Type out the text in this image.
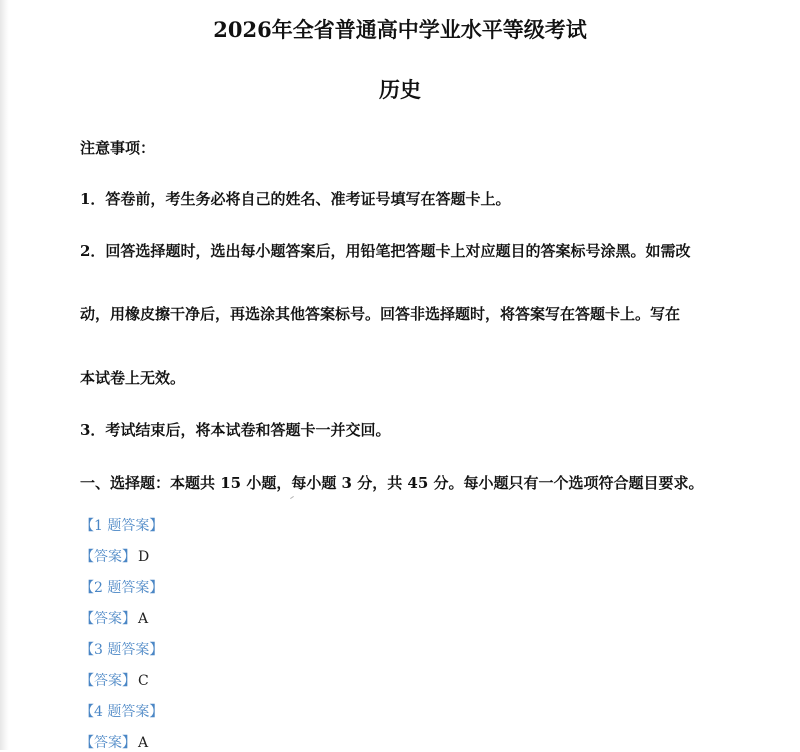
2026年全省普通高中学业水平等级考试
历史
注意事项：
1．答卷前，考生务必将自己的姓名、准考证号填写在答题卡上。
2．回答选择题时，选出每小题答案后，用铅笔把答题卡上对应题目的答案标号涂黑。如需改
动，用橡皮擦干净后，再选涂其他答案标号。回答非选择题时，将答案写在答题卡上。写在
本试卷上无效。
3．考试结束后，将本试卷和答题卡一并交回。
一、选择题：本题共 15 小题，每小题 3 分，共 45 分。每小题只有一个选项符合题目要求。
【1 题答案】
【答案】 D
【2 题答案】
【答案】 A
【3 题答案】
【答案】 C
【4 题答案】
【答案】 A
